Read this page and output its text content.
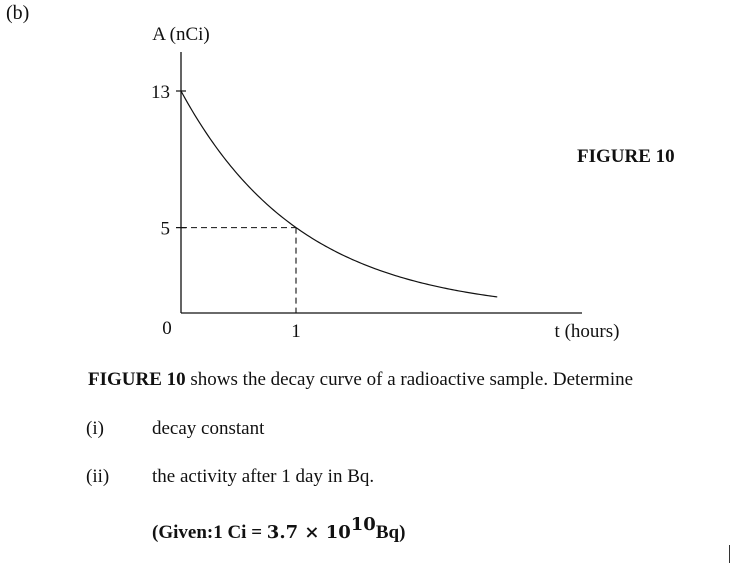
(b)
13
5
1
0
A (nCi)
t (hours)
FIGURE 10
FIGURE 10 shows the decay curve of a radioactive sample. Determine
(i)	decay constant
(ii) the activity after 1 day in Bq.
(Given:1 $Ci = 3.7 \times 10^{10}Bq$)
